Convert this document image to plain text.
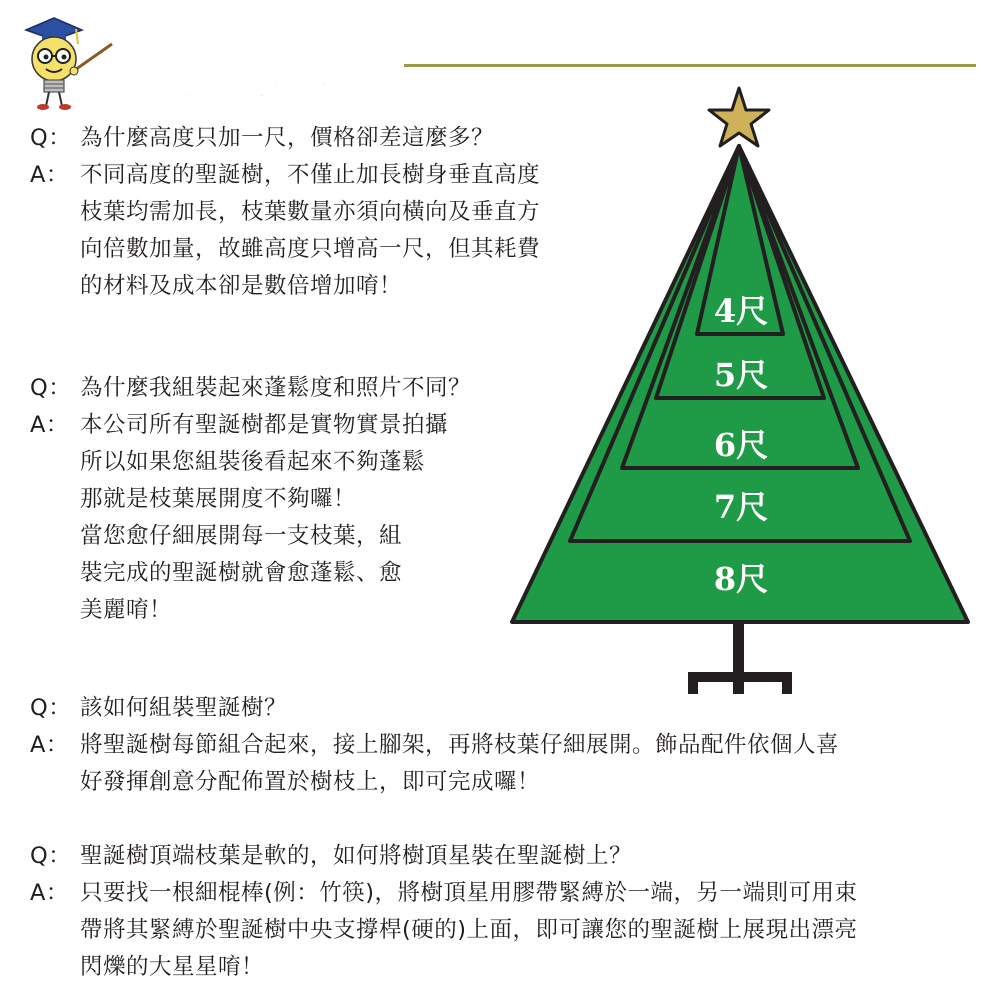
聖誕裝飾小教室
Q： 為什麼高度只加一尺，價格卻差這麼多？
A： 不同高度的聖誕樹，不僅止加長樹身垂直高度
枝葉均需加長，枝葉數量亦須向橫向及垂直方
向倍數加量，故雖高度只增高一尺，但其耗費
的材料及成本卻是數倍增加唷！
Q： 為什麼我組裝起來蓬鬆度和照片不同？
A： 本公司所有聖誕樹都是實物實景拍攝
所以如果您組裝後看起來不夠蓬鬆
那就是枝葉展開度不夠囉！
當您愈仔細展開每一支枝葉，組
裝完成的聖誕樹就會愈蓬鬆、愈
美麗唷！
Q： 該如何組裝聖誕樹？
A： 將聖誕樹每節組合起來，接上腳架，再將枝葉仔細展開。飾品配件依個人喜
好發揮創意分配佈置於樹枝上，即可完成囉！
Q： 聖誕樹頂端枝葉是軟的，如何將樹頂星裝在聖誕樹上？
A： 只要找一根細棍棒(例：竹筷)，將樹頂星用膠帶緊縛於一端，另一端則可用束
帶將其緊縛於聖誕樹中央支撐桿(硬的)上面，即可讓您的聖誕樹上展現出漂亮
閃爍的大星星唷！
4尺
5尺
6尺
7尺
8尺
